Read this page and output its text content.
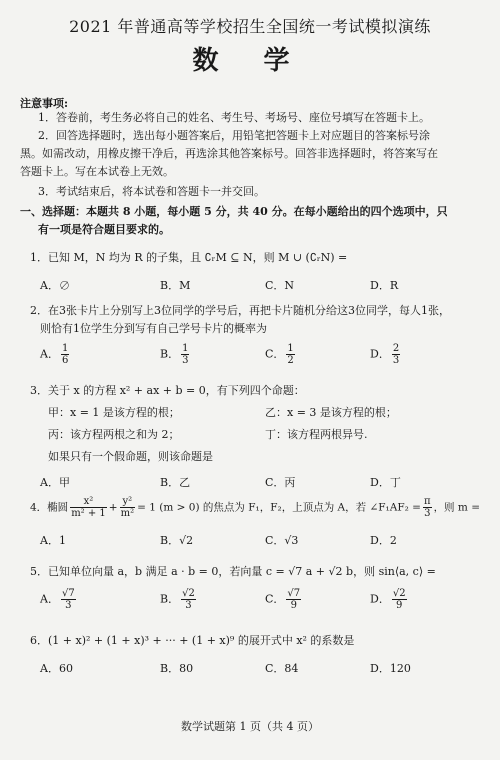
2021 年普通高等学校招生全国统一考试模拟演练
数 学
注意事项:
1．答卷前，考生务必将自己的姓名、考生号、考场号、座位号填写在答题卡上。
2．回答选择题时，选出每小题答案后，用铅笔把答题卡上对应题目的答案标号涂
黑。如需改动，用橡皮擦干净后，再选涂其他答案标号。回答非选择题时，将答案写在
答题卡上。写在本试卷上无效。
3．考试结束后，将本试卷和答题卡一并交回。
一、选择题：本题共 8 小题，每小题 5 分，共 40 分。在每小题给出的四个选项中，只
有一项是符合题目要求的。
1．已知 M，N 均为 R 的子集，且 ∁ᵣM ⊆ N，则 M ∪ (∁ᵣN) =
A．∅	B．M	C．N	D．R
2．在3张卡片上分别写上3位同学的学号后，再把卡片随机分给这3位同学，每人1张，
则恰有1位学生分到写有自己学号卡片的概率为
A． $\frac{1}{6}$	B． $\frac{1}{3}$	C． $\frac{1}{2}$	D． $\frac{2}{3}$
3．关于 x 的方程 x² + ax + b = 0，有下列四个命题：
甲：x = 1 是该方程的根；	乙：x = 3 是该方程的根；
丙：该方程两根之和为 2；	丁：该方程两根异号.
如果只有一个假命题，则该命题是
A．甲	B．乙	C．丙	D．丁
4．椭圆 $\frac{\text{x²}}{\text{m² + 1}} + \frac{\text{y²}}{\text{m²}} = 1$ (m > 0) 的焦点为 F₁，F₂，上顶点为 A，若 ∠F₁AF₂ = $\frac{\pi}{3}$ ，则 m =
A．1	B．√2	C．√3	D．2
5．已知单位向量 a，b 满足 a · b = 0，若向量 c = √7 a + √2 b，则 sin⟨a, c⟩ =
A． $\frac{√7}{3}$	B． $\frac{√2}{3}$	C． $\frac{√7}{9}$	D． $\frac{√2}{9}$
6．(1 + x)² + (1 + x)³ + ··· + (1 + x)⁹ 的展开式中 x² 的系数是
A．60	B．80	C．84	D．120
数学试题第 1 页（共 4 页）
